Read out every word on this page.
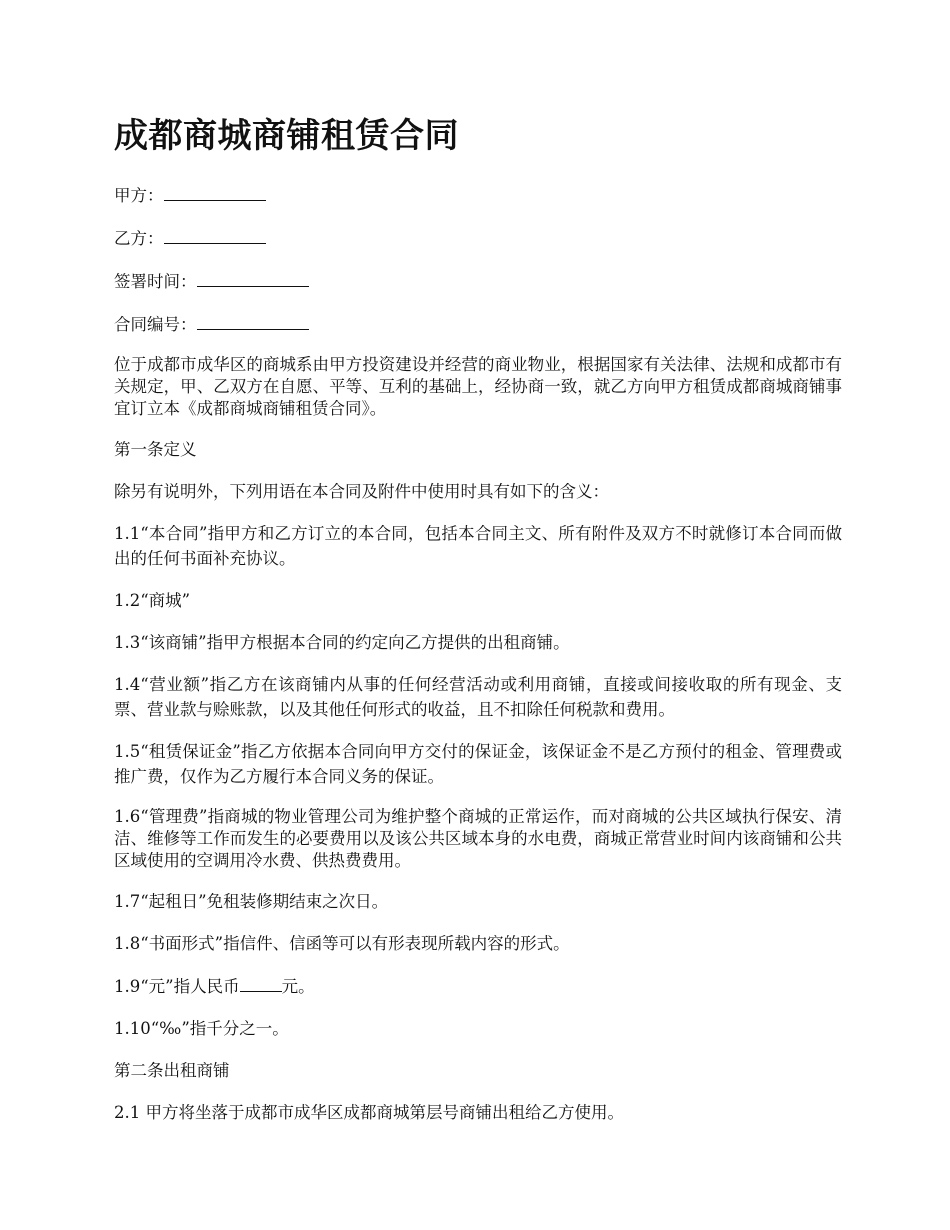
成都商城商铺租赁合同

甲方：

乙方：

签署时间：

合同编号：

位于成都市成华区的商城系由甲方投资建设并经营的商业物业，根据国家有关法律、法规和成都市有关规定，甲、乙双方在自愿、平等、互利的基础上，经协商一致，就乙方向甲方租赁成都商城商铺事宜订立本《成都商城商铺租赁合同》。

第一条定义

除另有说明外，下列用语在本合同及附件中使用时具有如下的含义：

1.1“本合同”指甲方和乙方订立的本合同，包括本合同主文、所有附件及双方不时就修订本合同而做出的任何书面补充协议。

1.2“商城”

1.3“该商铺”指甲方根据本合同的约定向乙方提供的出租商铺。

1.4“营业额”指乙方在该商铺内从事的任何经营活动或利用商铺，直接或间接收取的所有现金、支票、营业款与赊账款，以及其他任何形式的收益，且不扣除任何税款和费用。

1.5“租赁保证金”指乙方依据本合同向甲方交付的保证金，该保证金不是乙方预付的租金、管理费或推广费，仅作为乙方履行本合同义务的保证。

1.6“管理费”指商城的物业管理公司为维护整个商城的正常运作，而对商城的公共区域执行保安、清洁、维修等工作而发生的必要费用以及该公共区域本身的水电费，商城正常营业时间内该商铺和公共区域使用的空调用冷水费、供热费费用。

1.7“起租日”免租装修期结束之次日。

1.8“书面形式”指信件、信函等可以有形表现所载内容的形式。

1.9“元”指人民币	元。

1.10“‰”指千分之一。

第二条出租商铺

2.1 甲方将坐落于成都市成华区成都商城第层号商铺出租给乙方使用。
